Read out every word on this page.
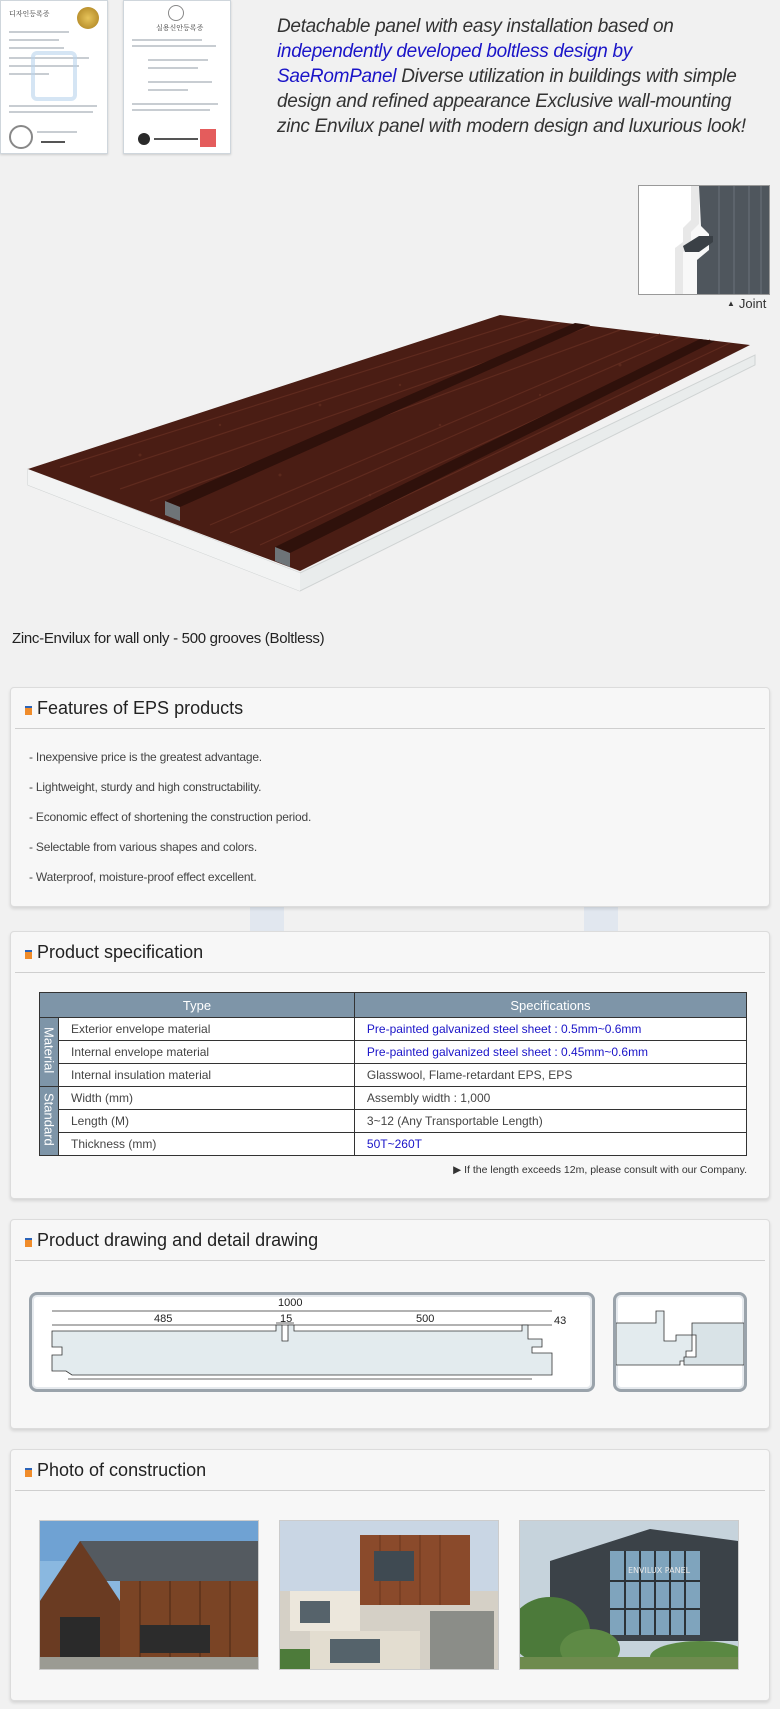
디자인등록증
실용신안등록증	Detachable panel with easy installation based on independently developed boltless design by SaeRomPanel Diverse utilization in buildings with simple design and refined appearance Exclusive wall-mounting zinc Envilux panel with modern design and luxurious look!
▲ Joint
Zinc-Envilux for wall only - 500 grooves (Boltless)
Features of EPS products
- Inexpensive price is the greatest advantage.
- Lightweight, sturdy and high constructability.
- Economic effect of shortening the construction period.
- Selectable from various shapes and colors.
- Waterproof, moisture-proof effect excellent.
Product specification
Type		Specifications
Material	Exterior envelope material	Pre-painted galvanized steel sheet : 0.5mm~0.6mm
	Internal envelope material	Pre-painted galvanized steel sheet : 0.45mm~0.6mm
	Internal insulation material	Glasswool, Flame-retardant EPS, EPS
Standard	Width (mm)	Assembly width : 1,000
	Length (M)	3~12 (Any Transportable Length)
	Thickness (mm)	50T~260T
▶ If the length exceeds 12m, please consult with our Company.
Product drawing and detail drawing
1000
485	15	500	43
Photo of construction
ENVILUX PANEL
